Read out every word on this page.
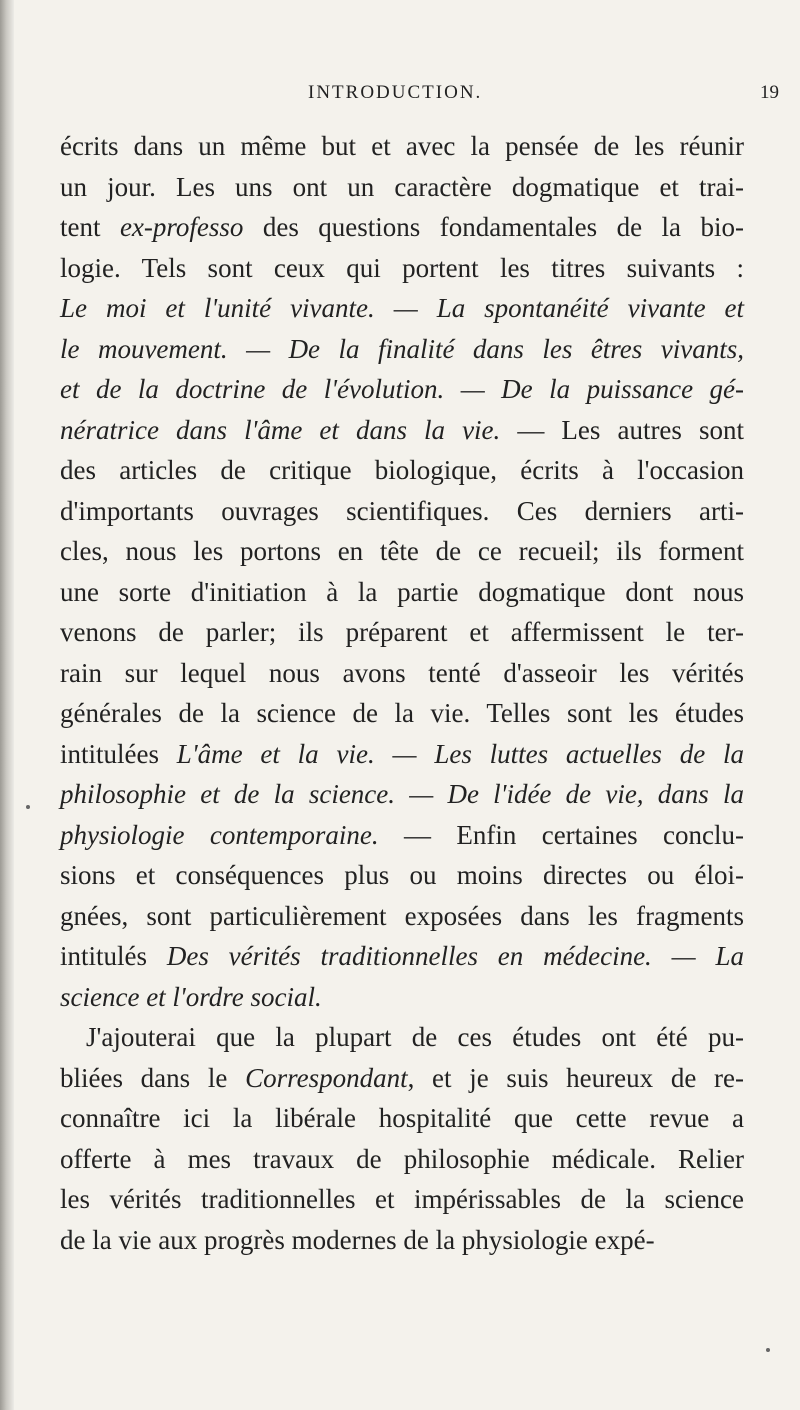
INTRODUCTION.	19
écrits dans un même but et avec la pensée de les réunir
un jour. Les uns ont un caractère dogmatique et trai-
tent ex-professo des questions fondamentales de la bio-
logie. Tels sont ceux qui portent les titres suivants :
Le moi et l'unité vivante. — La spontanéité vivante et
le mouvement. — De la finalité dans les êtres vivants,
et de la doctrine de l'évolution. — De la puissance gé-
nératrice dans l'âme et dans la vie. — Les autres sont
des articles de critique biologique, écrits à l'occasion
d'importants ouvrages scientifiques. Ces derniers arti-
cles, nous les portons en tête de ce recueil; ils forment
une sorte d'initiation à la partie dogmatique dont nous
venons de parler; ils préparent et affermissent le ter-
rain sur lequel nous avons tenté d'asseoir les vérités
générales de la science de la vie. Telles sont les études
intitulées L'âme et la vie. — Les luttes actuelles de la
philosophie et de la science. — De l'idée de vie, dans la
physiologie contemporaine. — Enfin certaines conclu-
sions et conséquences plus ou moins directes ou éloi-
gnées, sont particulièrement exposées dans les fragments
intitulés Des vérités traditionnelles en médecine. — La
science et l'ordre social.
J'ajouterai que la plupart de ces études ont été pu-
bliées dans le Correspondant, et je suis heureux de re-
connaître ici la libérale hospitalité que cette revue a
offerte à mes travaux de philosophie médicale. Relier
les vérités traditionnelles et impérissables de la science
de la vie aux progrès modernes de la physiologie expé-
